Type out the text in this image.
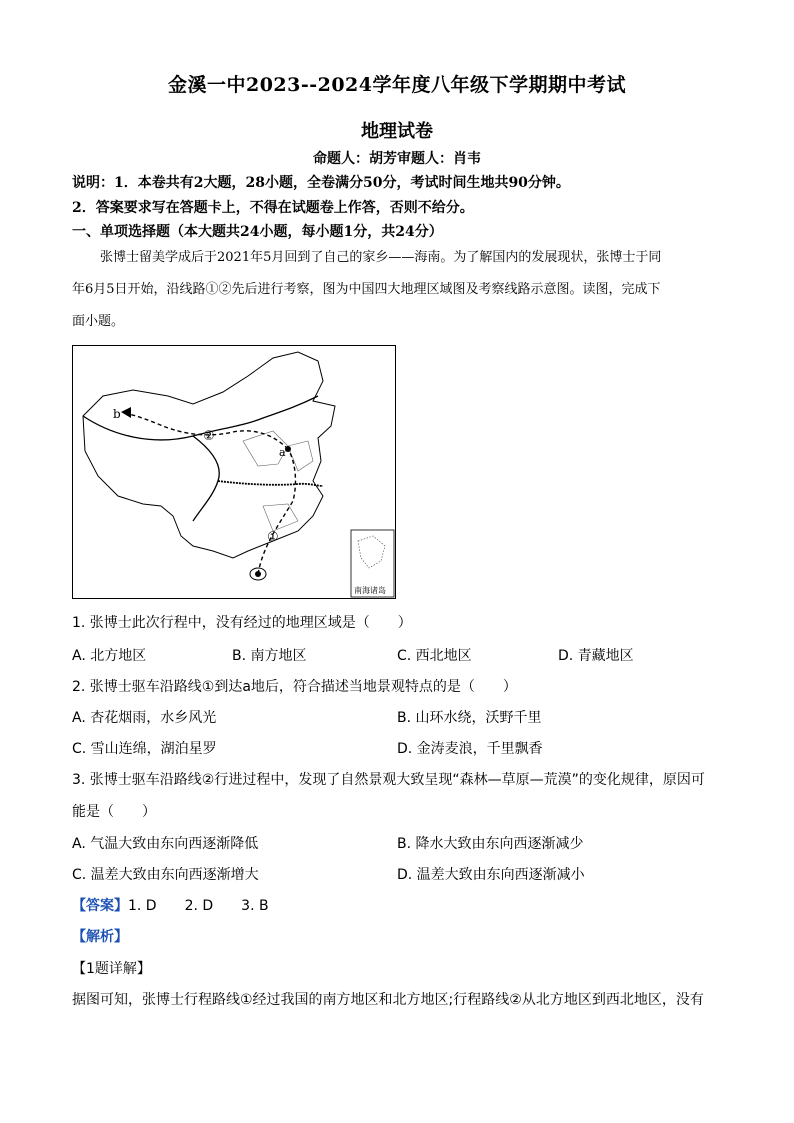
金溪一中2023--2024学年度八年级下学期期中考试
地理试卷
命题人：胡芳审题人：肖韦
说明：1．本卷共有2大题，28小题，全卷满分50分，考试时间生地共90分钟。
2．答案要求写在答题卡上，不得在试题卷上作答，否则不给分。
一、单项选择题（本大题共24小题，每小题1分，共24分）
张博士留美学成后于2021年5月回到了自己的家乡——海南。为了解国内的发展现状，张博士于同
年6月5日开始，沿线路①②先后进行考察，图为中国四大地理区域图及考察线路示意图。读图，完成下
面小题。
b
a
②
①
南海诸岛
1. 张博士此次行程中，没有经过的地理区域是（　　）
A. 北方地区	B. 南方地区	C. 西北地区	D. 青藏地区
2. 张博士驱车沿路线①到达a地后，符合描述当地景观特点的是（　　）
A. 杏花烟雨，水乡风光	B. 山环水绕，沃野千里
C. 雪山连绵，湖泊星罗	D. 金涛麦浪，千里飘香
3. 张博士驱车沿路线②行进过程中，发现了自然景观大致呈现“森林—草原—荒漠”的变化规律，原因可
能是（　　）
A. 气温大致由东向西逐渐降低	B. 降水大致由东向西逐渐减少
C. 温差大致由东向西逐渐增大	D. 温差大致由东向西逐渐减小
【答案】1. D　　2. D　　3. B
【解析】
【1题详解】
据图可知，张博士行程路线①经过我国的南方地区和北方地区;行程路线②从北方地区到西北地区，没有
